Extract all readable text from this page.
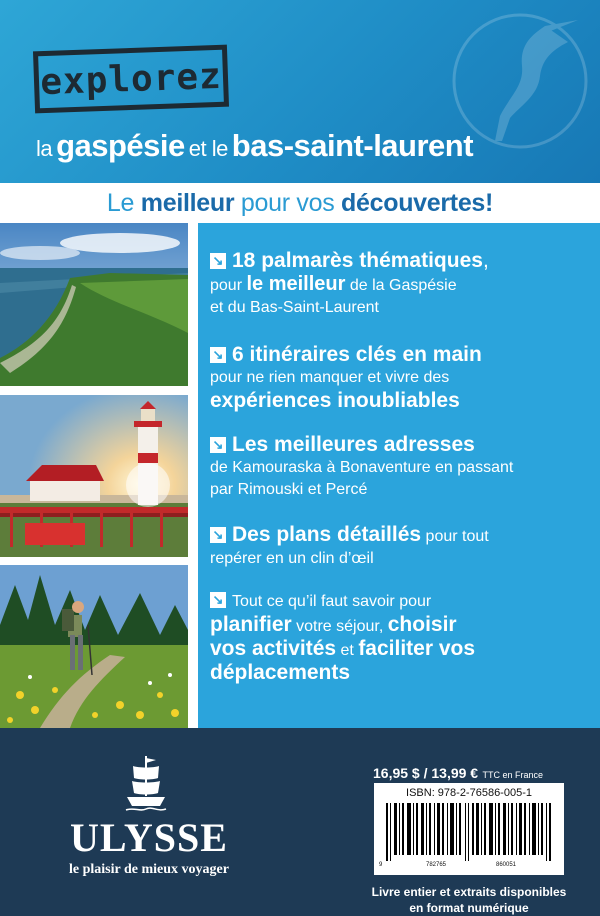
explorez
la gaspésie et le bas-saint-laurent
Le meilleur pour vos découvertes!
↘ 18 palmarès thématiques,
pour le meilleur de la Gaspésie
et du Bas-Saint-Laurent
↘ 6 itinéraires clés en main
pour ne rien manquer et vivre des
expériences inoubliables
↘ Les meilleures adresses
de Kamouraska à Bonaventure en passant
par Rimouski et Percé
↘ Des plans détaillés pour tout
repérer en un clin d’œil
↘ Tout ce qu’il faut savoir pour
planifier votre séjour, choisir
vos activités et faciliter vos
déplacements
ULYSSE
le plaisir de mieux voyager
16,95 $ / 13,99 € TTC en France
ISBN: 978-2-76586-005-1
9	782765	860051
Livre entier et extraits disponibles
en format numérique
